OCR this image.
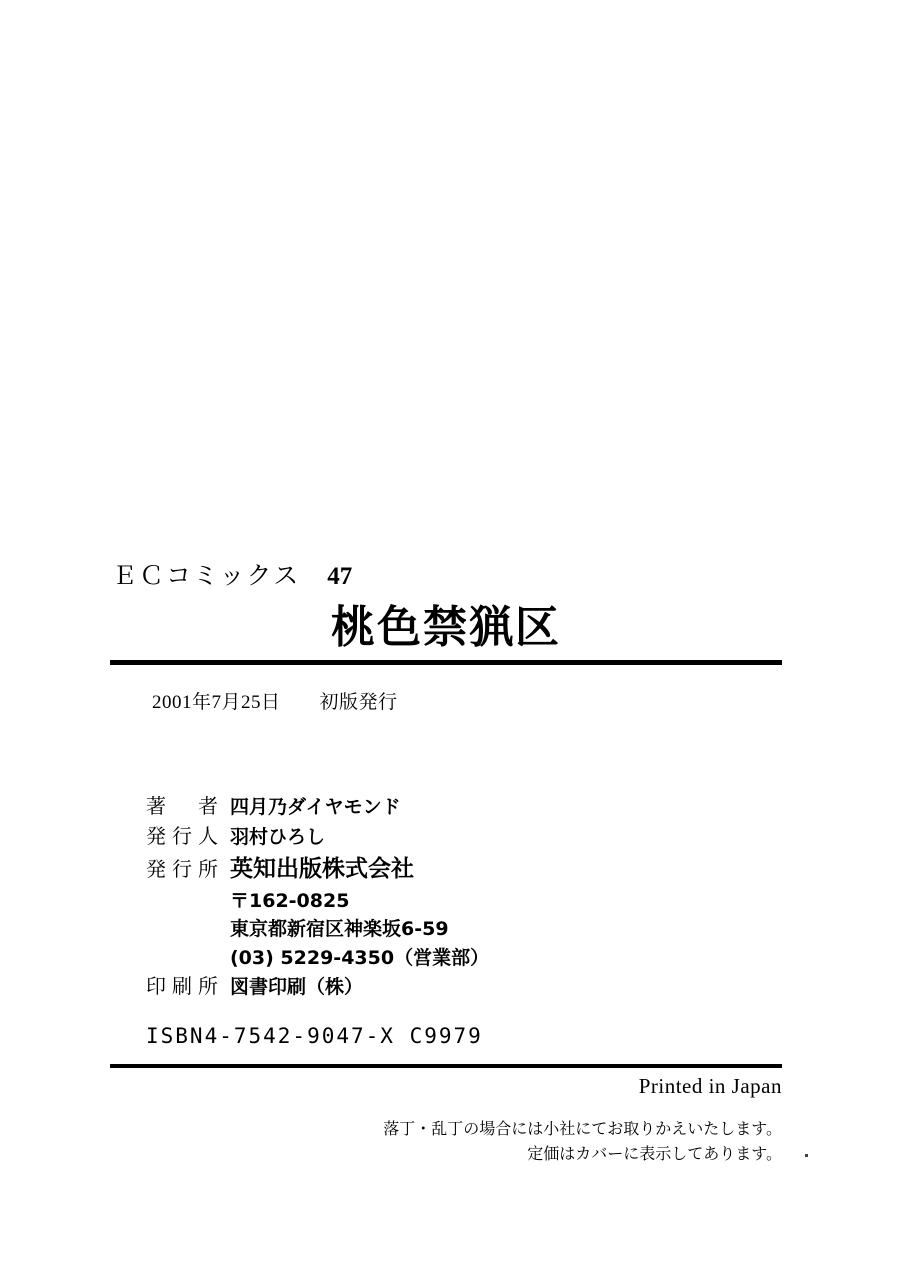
ＥＣコミックス　 47
桃色禁猟区
2001年7月25日　　 初版発行
著　者 四月乃ダイヤモンド
発行人 羽村ひろし
発行所 英知出版株式会社
〒162-0825
東京都新宿区神楽坂6-59
(03) 5229-4350（営業部）
印刷所 図書印刷（株）
ISBN4-7542-9047-X C9979
Printed in Japan
落丁・乱丁の場合には小社にてお取りかえいたします。
定価はカバーに表示してあります。
